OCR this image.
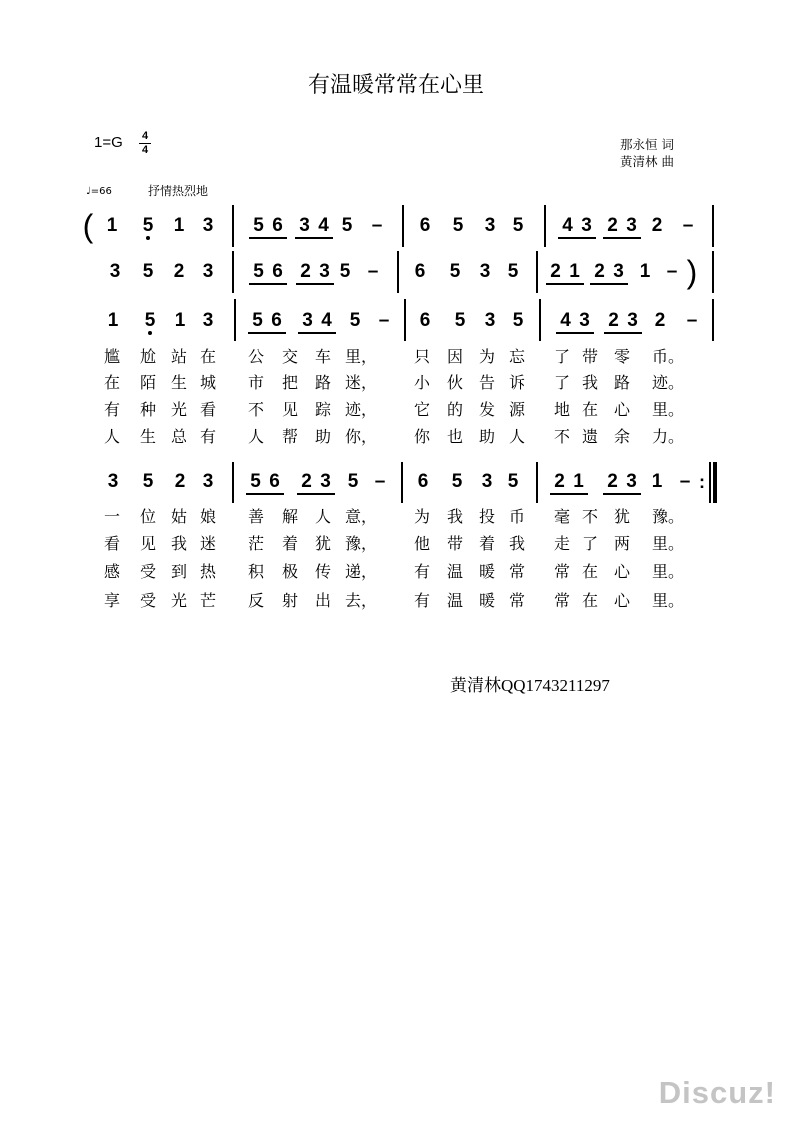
有温暖常常在心里
1=G 4
4	那永恒 词
黄清林 曲
♩=66	抒情热烈地
( 1 5 1 3 5 6 3 4 5 – 6 5 3 5 4 3 2 3 2 –
)
3 5 2 3 5 6 2 3 5 – 6 5 3 5 2 1 2 3 1 –
1 5 1 3 5 6 3 4 5 – 6 5 3 5 4 3 2 3 2 –
尴 尬 站 在 公 交 车 里， 只 因 为 忘 了 带 零 币。
在 陌 生 城 市 把 路 迷， 小 伙 告 诉 了 我 路 迹。
有 种 光 看 不 见 踪 迹， 它 的 发 源 地 在 心 里。
人 生 总 有 人 帮 助 你， 你 也 助 人 不 遗 余 力。
3 5 2 3 5 6 2 3 5 – 6 5 3 5 2 1 2 3 1 –
一 位 姑 娘 善 解 人 意， 为 我 投 币 毫 不 犹 豫。
看 见 我 迷 茫 着 犹 豫， 他 带 着 我 走 了 两 里。
感 受 到 热 积 极 传 递， 有 温 暖 常 常 在 心 里。
享 受 光 芒 反 射 出 去， 有 温 暖 常 常 在 心 里。
:
黄清林QQ1743211297
Discuz!
